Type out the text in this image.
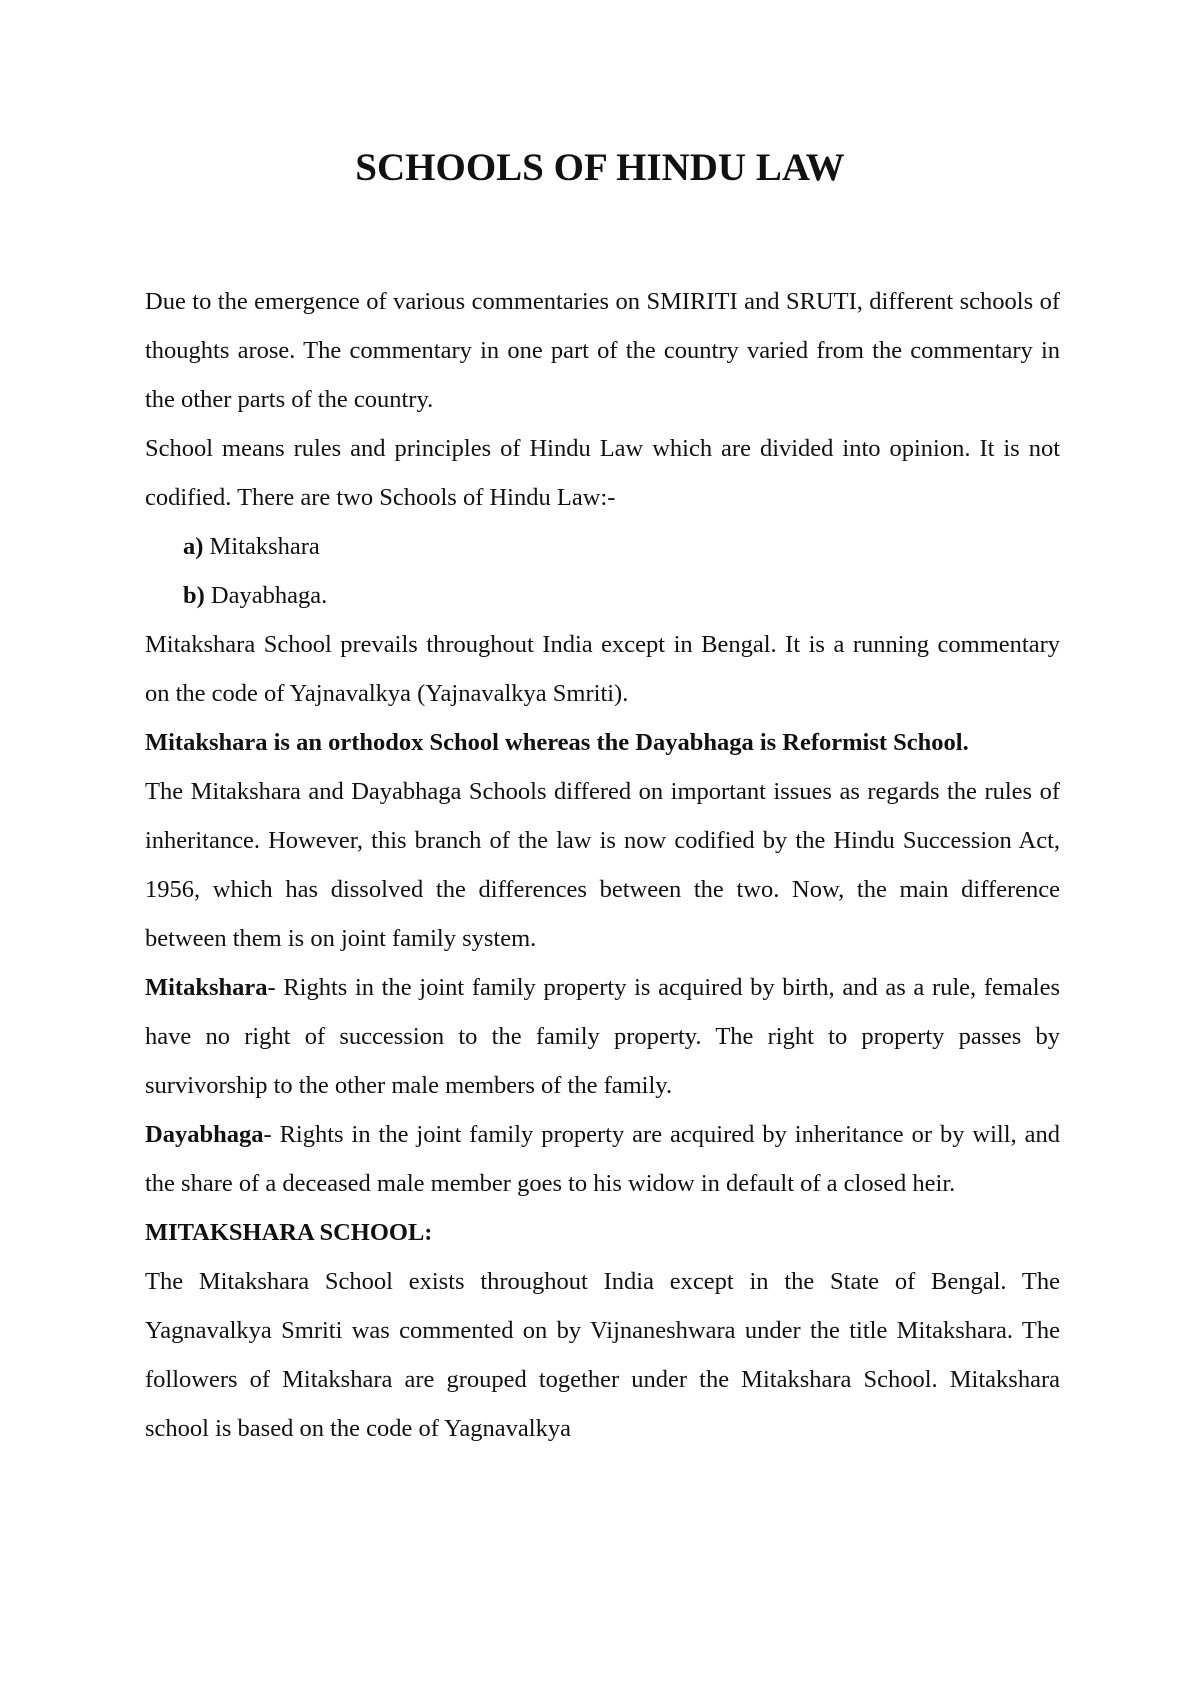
SCHOOLS OF HINDU LAW

Due to the emergence of various commentaries on SMIRITI and SRUTI, different schools of thoughts arose. The commentary in one part of the country varied from the commentary in the other parts of the country.

School means rules and principles of Hindu Law which are divided into opinion. It is not codified. There are two Schools of Hindu Law:-

a) Mitakshara
b) Dayabhaga.

Mitakshara School prevails throughout India except in Bengal. It is a running commentary on the code of Yajnavalkya (Yajnavalkya Smriti).

Mitakshara is an orthodox School whereas the Dayabhaga is Reformist School.

The Mitakshara and Dayabhaga Schools differed on important issues as regards the rules of inheritance. However, this branch of the law is now codified by the Hindu Succession Act, 1956, which has dissolved the differences between the two. Now, the main difference between them is on joint family system.

Mitakshara- Rights in the joint family property is acquired by birth, and as a rule, females have no right of succession to the family property. The right to property passes by survivorship to the other male members of the family.

Dayabhaga- Rights in the joint family property are acquired by inheritance or by will, and the share of a deceased male member goes to his widow in default of a closed heir.

MITAKSHARA SCHOOL:

The Mitakshara School exists throughout India except in the State of Bengal. The Yagnavalkya Smriti was commented on by Vijnaneshwara under the title Mitakshara. The followers of Mitakshara are grouped together under the Mitakshara School. Mitakshara school is based on the code of Yagnavalkya
